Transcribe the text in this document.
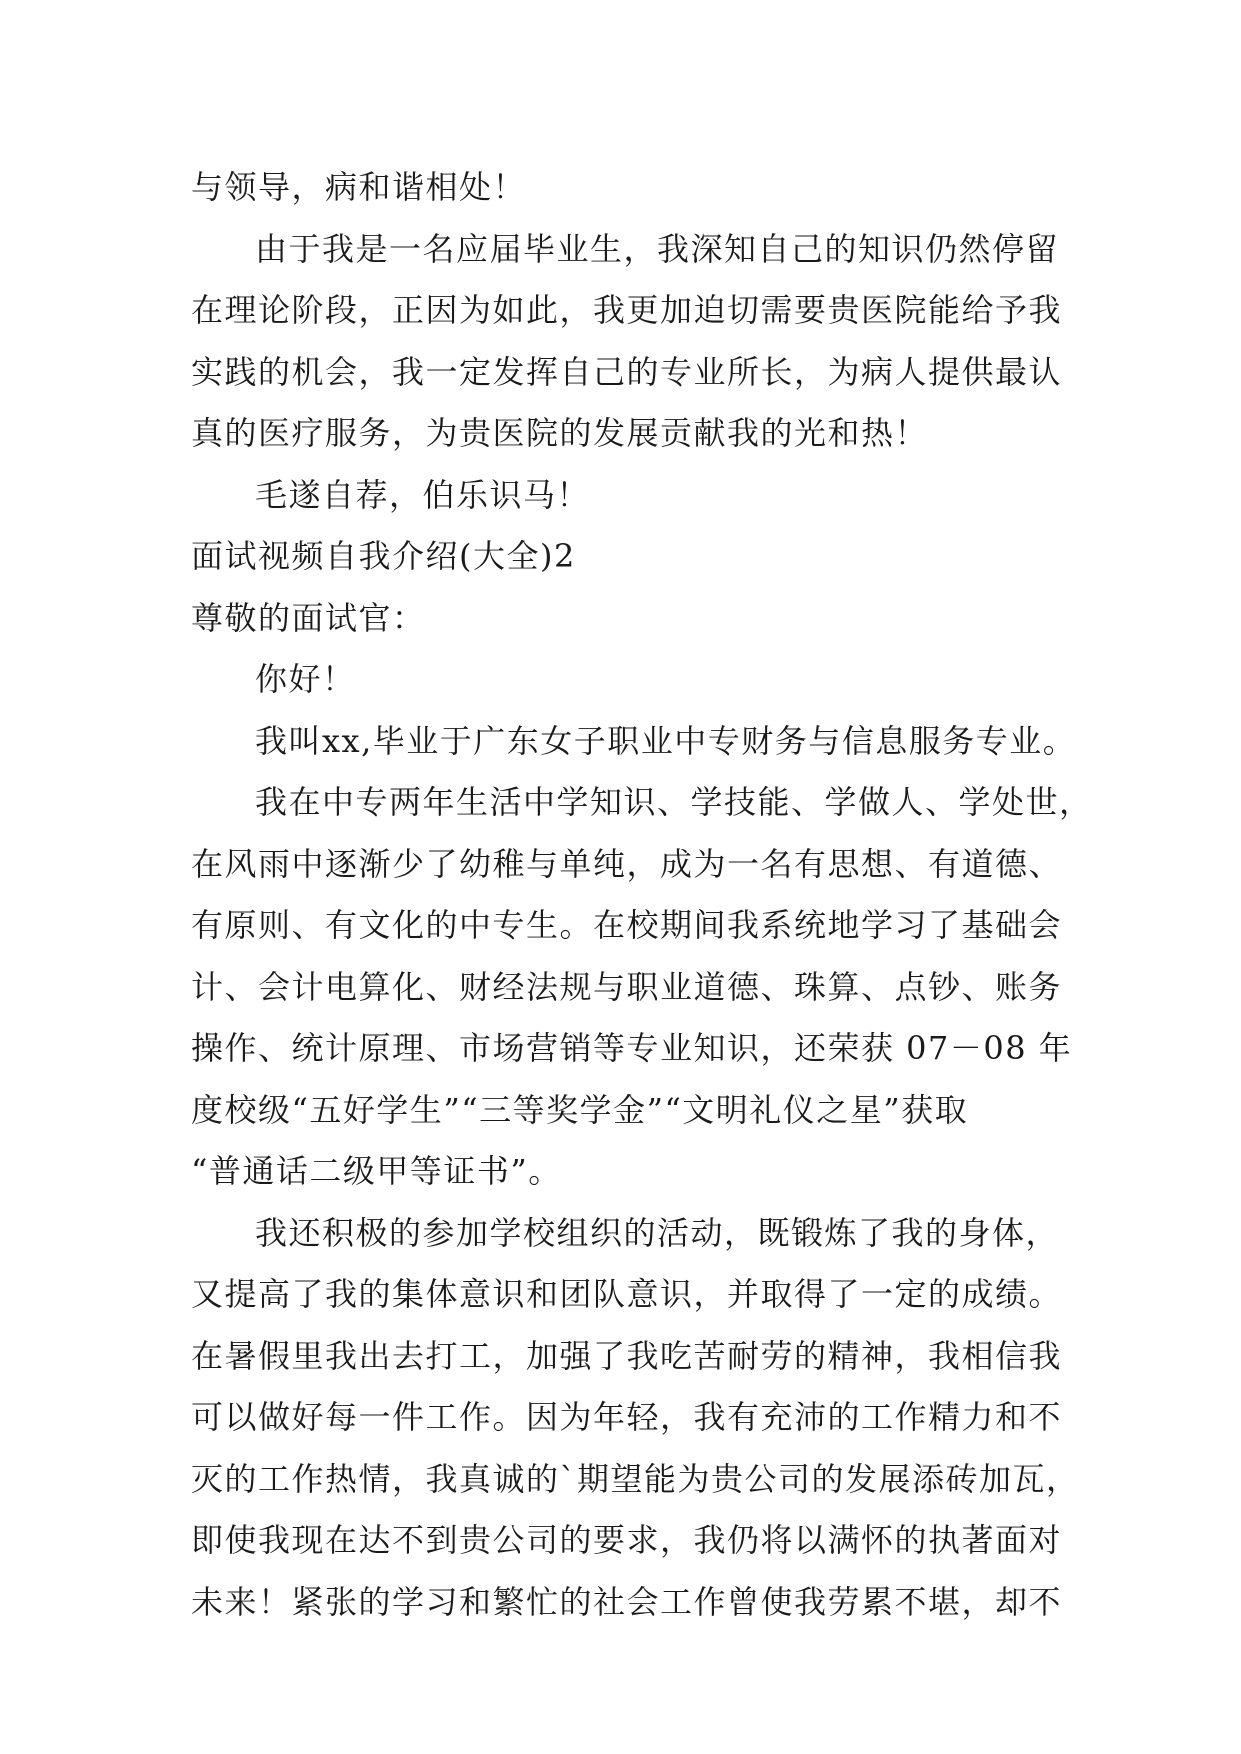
与领导，病和谐相处！
由于我是一名应届毕业生，我深知自己的知识仍然停留
在理论阶段，正因为如此，我更加迫切需要贵医院能给予我
实践的机会，我一定发挥自己的专业所长，为病人提供最认
真的医疗服务，为贵医院的发展贡献我的光和热！
毛遂自荐，伯乐识马！
面试视频自我介绍(大全)2
尊敬的面试官：
你好！
我叫xx,毕业于广东女子职业中专财务与信息服务专业。
我在中专两年生活中学知识、学技能、学做人、学处世，
在风雨中逐渐少了幼稚与单纯，成为一名有思想、有道德、
有原则、有文化的中专生。在校期间我系统地学习了基础会
计、会计电算化、财经法规与职业道德、珠算、点钞、账务
操作、统计原理、市场营销等专业知识，还荣获 07－08 年
度校级“五好学生”“三等奖学金”“文明礼仪之星”获取
“普通话二级甲等证书”。
我还积极的参加学校组织的活动，既锻炼了我的身体，
又提高了我的集体意识和团队意识，并取得了一定的成绩。
在暑假里我出去打工，加强了我吃苦耐劳的精神，我相信我
可以做好每一件工作。因为年轻，我有充沛的工作精力和不
灭的工作热情，我真诚的`期望能为贵公司的发展添砖加瓦，
即使我现在达不到贵公司的要求，我仍将以满怀的执著面对
未来！紧张的学习和繁忙的社会工作曾使我劳累不堪，却不
